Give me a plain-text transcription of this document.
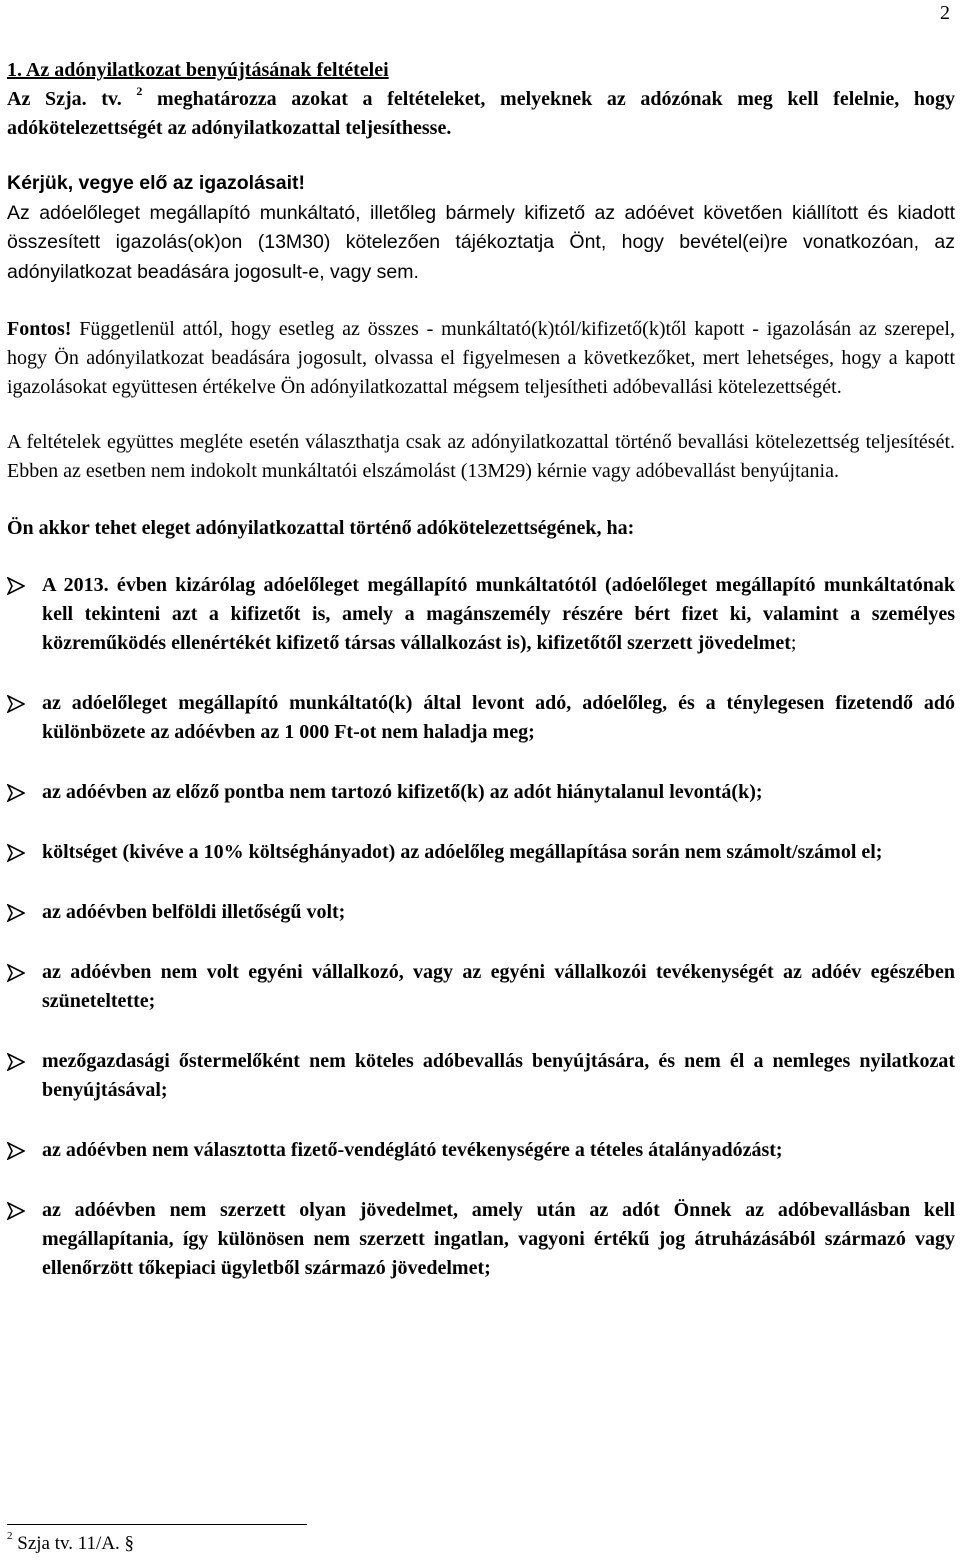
2

1. Az adónyilatkozat benyújtásának feltételei

Az Szja. tv. $^2$ meghatározza azokat a feltételeket, melyeknek az adózónak meg kell felelnie, hogy adókötelezettségét az adónyilatkozattal teljesíthesse.

Kérjük, vegye elő az igazolásait!

Az adóelőleget megállapító munkáltató, illetőleg bármely kifizető az adóévet követően kiállított és kiadott összesített igazolás(ok)on (13M30) kötelezően tájékoztatja Önt, hogy bevétel(ei)re vonatkozóan, az adónyilatkozat beadására jogosult-e, vagy sem.

Fontos! Függetlenül attól, hogy esetleg az összes - munkáltató(k)tól/kifizető(k)től kapott - igazolásán az szerepel, hogy Ön adónyilatkozat beadására jogosult, olvassa el figyelmesen a következőket, mert lehetséges, hogy a kapott igazolásokat együttesen értékelve Ön adónyilatkozattal mégsem teljesítheti adóbevallási kötelezettségét.

A feltételek együttes megléte esetén választhatja csak az adónyilatkozattal történő bevallási kötelezettség teljesítését. Ebben az esetben nem indokolt munkáltatói elszámolást (13M29) kérnie vagy adóbevallást benyújtania.

Ön akkor tehet eleget adónyilatkozattal történő adókötelezettségének, ha:

A 2013. évben kizárólag adóelőleget megállapító munkáltatótól (adóelőleget megállapító munkáltatónak kell tekinteni azt a kifizetőt is, amely a magánszemély részére bért fizet ki, valamint a személyes közreműködés ellenértékét kifizető társas vállalkozást is), kifizetőtől szerzett jövedelmet;
az adóelőleget megállapító munkáltató(k) által levont adó, adóelőleg, és a ténylegesen fizetendő adó különbözete az adóévben az 1 000 Ft-ot nem haladja meg;
az adóévben az előző pontba nem tartozó kifizető(k) az adót hiánytalanul levontá(k);
költséget (kivéve a 10% költséghányadot) az adóelőleg megállapítása során nem számolt/számol el;
az adóévben belföldi illetőségű volt;
az adóévben nem volt egyéni vállalkozó, vagy az egyéni vállalkozói tevékenységét az adóév egészében szüneteltette;
mezőgazdasági őstermelőként nem köteles adóbevallás benyújtására, és nem él a nemleges nyilatkozat benyújtásával;
az adóévben nem választotta fizető-vendéglátó tevékenységére a tételes átalányadózást;
az adóévben nem szerzett olyan jövedelmet, amely után az adót Önnek az adóbevallásban kell megállapítania, így különösen nem szerzett ingatlan, vagyoni értékű jog átruházásából származó vagy ellenőrzött tőkepiaci ügyletből származó jövedelmet;
$^2$ Szja tv. 11/A. §
